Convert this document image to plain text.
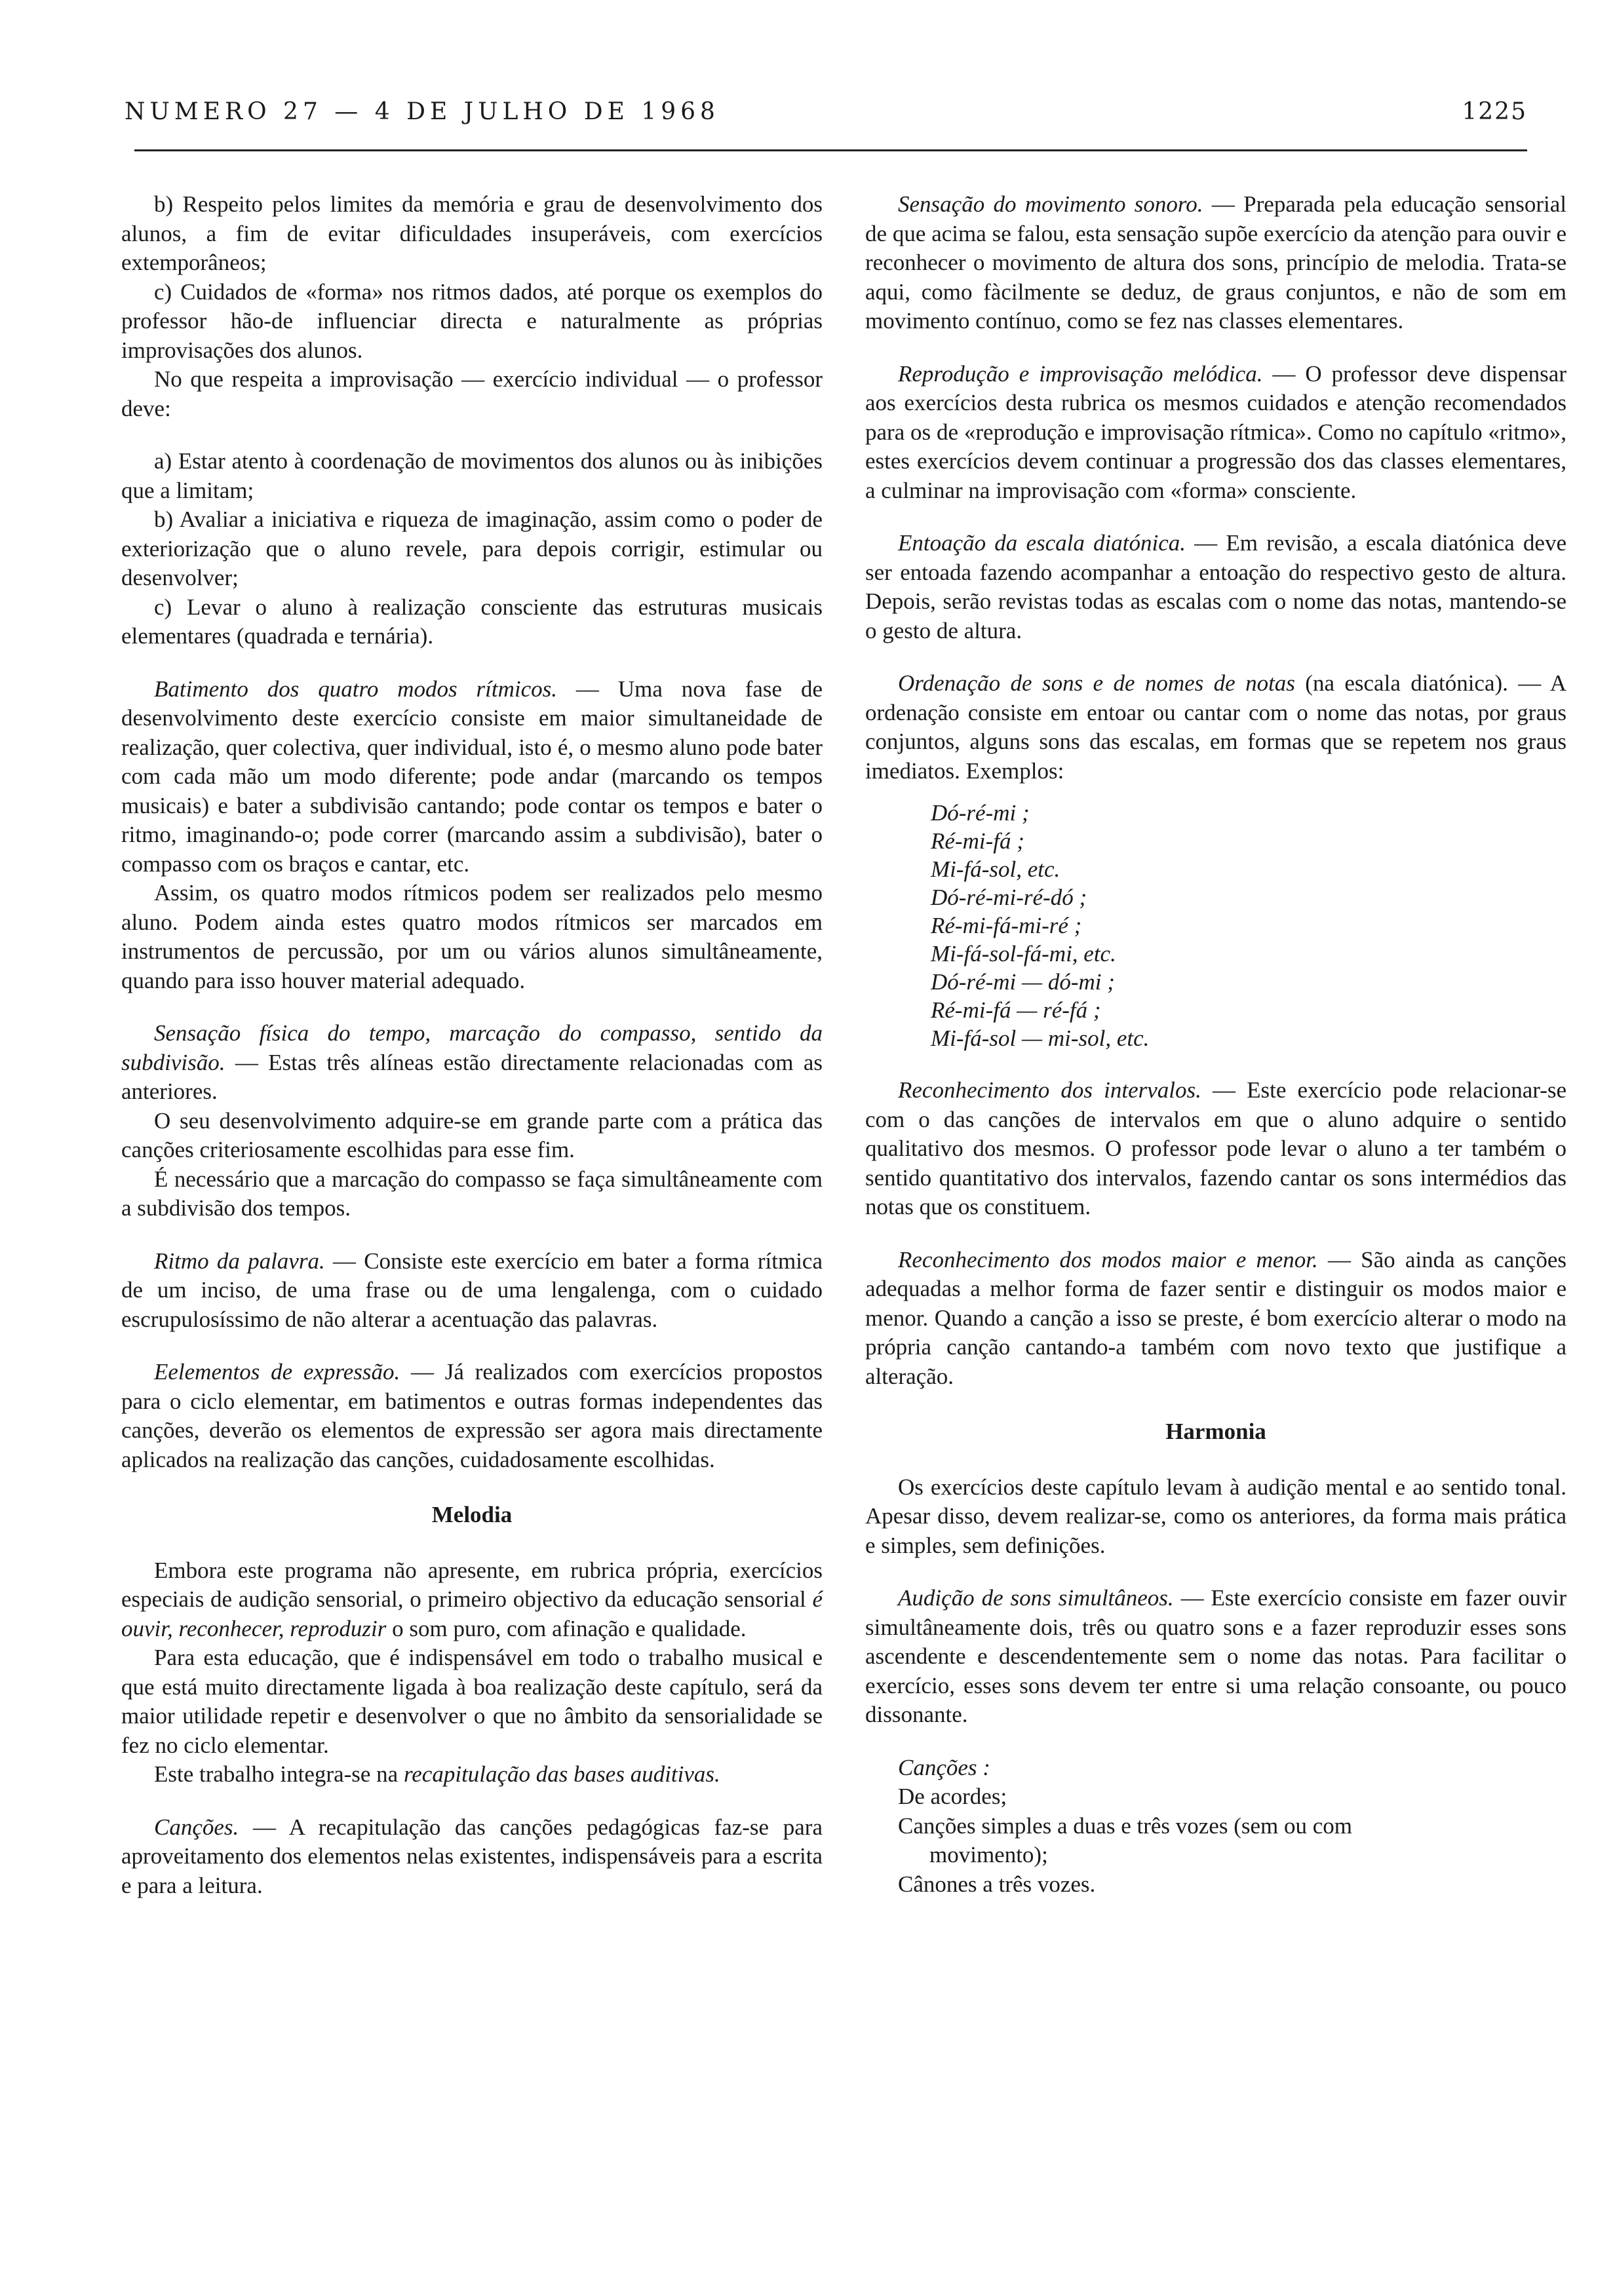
NUMERO 27 — 4 DE JULHO DE 1968	1225

b) Respeito pelos limites da memória e grau de desenvolvimento dos alunos, a fim de evitar dificuldades insuperáveis, com exercícios extemporâneos;

c) Cuidados de «forma» nos ritmos dados, até porque os exemplos do professor hão-de influenciar directa e naturalmente as próprias improvisações dos alunos.

No que respeita a improvisação — exercício individual — o professor deve:

a) Estar atento à coordenação de movimentos dos alunos ou às inibições que a limitam;

b) Avaliar a iniciativa e riqueza de imaginação, assim como o poder de exteriorização que o aluno revele, para depois corrigir, estimular ou desenvolver;

c) Levar o aluno à realização consciente das estruturas musicais elementares (quadrada e ternária).

Batimento dos quatro modos rítmicos. — Uma nova fase de desenvolvimento deste exercício consiste em maior simultaneidade de realização, quer colectiva, quer individual, isto é, o mesmo aluno pode bater com cada mão um modo diferente; pode andar (marcando os tempos musicais) e bater a subdivisão cantando; pode contar os tempos e bater o ritmo, imaginando-o; pode correr (marcando assim a subdivisão), bater o compasso com os braços e cantar, etc.

Assim, os quatro modos rítmicos podem ser realizados pelo mesmo aluno. Podem ainda estes quatro modos rítmicos ser marcados em instrumentos de percussão, por um ou vários alunos simultâneamente, quando para isso houver material adequado.

Sensação física do tempo, marcação do compasso, sentido da subdivisão. — Estas três alíneas estão directamente relacionadas com as anteriores.

O seu desenvolvimento adquire-se em grande parte com a prática das canções criteriosamente escolhidas para esse fim.

É necessário que a marcação do compasso se faça simultâneamente com a subdivisão dos tempos.

Ritmo da palavra. — Consiste este exercício em bater a forma rítmica de um inciso, de uma frase ou de uma lengalenga, com o cuidado escrupulosíssimo de não alterar a acentuação das palavras.

Eelementos de expressão. — Já realizados com exercícios propostos para o ciclo elementar, em batimentos e outras formas independentes das canções, deverão os elementos de expressão ser agora mais directamente aplicados na realização das canções, cuidadosamente escolhidas.

Melodia

Embora este programa não apresente, em rubrica própria, exercícios especiais de audição sensorial, o primeiro objectivo da educação sensorial é ouvir, reconhecer, reproduzir o som puro, com afinação e qualidade.

Para esta educação, que é indispensável em todo o trabalho musical e que está muito directamente ligada à boa realização deste capítulo, será da maior utilidade repetir e desenvolver o que no âmbito da sensorialidade se fez no ciclo elementar.

Este trabalho integra-se na recapitulação das bases auditivas.

Canções. — A recapitulação das canções pedagógicas faz-se para aproveitamento dos elementos nelas existentes, indispensáveis para a escrita e para a leitura.

Sensação do movimento sonoro. — Preparada pela educação sensorial de que acima se falou, esta sensação supõe exercício da atenção para ouvir e reconhecer o movimento de altura dos sons, princípio de melodia. Trata-se aqui, como fàcilmente se deduz, de graus conjuntos, e não de som em movimento contínuo, como se fez nas classes elementares.

Reprodução e improvisação melódica. — O professor deve dispensar aos exercícios desta rubrica os mesmos cuidados e atenção recomendados para os de «reprodução e improvisação rítmica». Como no capítulo «ritmo», estes exercícios devem continuar a progressão dos das classes elementares, a culminar na improvisação com «forma» consciente.

Entoação da escala diatónica. — Em revisão, a escala diatónica deve ser entoada fazendo acompanhar a entoação do respectivo gesto de altura. Depois, serão revistas todas as escalas com o nome das notas, mantendo-se o gesto de altura.

Ordenação de sons e de nomes de notas (na escala diatónica). — A ordenação consiste em entoar ou cantar com o nome das notas, por graus conjuntos, alguns sons das escalas, em formas que se repetem nos graus imediatos. Exemplos:

Dó-ré-mi ;
Ré-mi-fá ;
Mi-fá-sol, etc.
Dó-ré-mi-ré-dó ;
Ré-mi-fá-mi-ré ;
Mi-fá-sol-fá-mi, etc.
Dó-ré-mi — dó-mi ;
Ré-mi-fá — ré-fá ;
Mi-fá-sol — mi-sol, etc.

Reconhecimento dos intervalos. — Este exercício pode relacionar-se com o das canções de intervalos em que o aluno adquire o sentido qualitativo dos mesmos. O professor pode levar o aluno a ter também o sentido quantitativo dos intervalos, fazendo cantar os sons intermédios das notas que os constituem.

Reconhecimento dos modos maior e menor. — São ainda as canções adequadas a melhor forma de fazer sentir e distinguir os modos maior e menor. Quando a canção a isso se preste, é bom exercício alterar o modo na própria canção cantando-a também com novo texto que justifique a alteração.

Harmonia

Os exercícios deste capítulo levam à audição mental e ao sentido tonal. Apesar disso, devem realizar-se, como os anteriores, da forma mais prática e simples, sem definições.

Audição de sons simultâneos. — Este exercício consiste em fazer ouvir simultâneamente dois, três ou quatro sons e a fazer reproduzir esses sons ascendente e descendentemente sem o nome das notas. Para facilitar o exercício, esses sons devem ter entre si uma relação consoante, ou pouco dissonante.

Canções :

De acordes;
Canções simples a duas e três vozes (sem ou com
movimento);
Cânones a três vozes.
